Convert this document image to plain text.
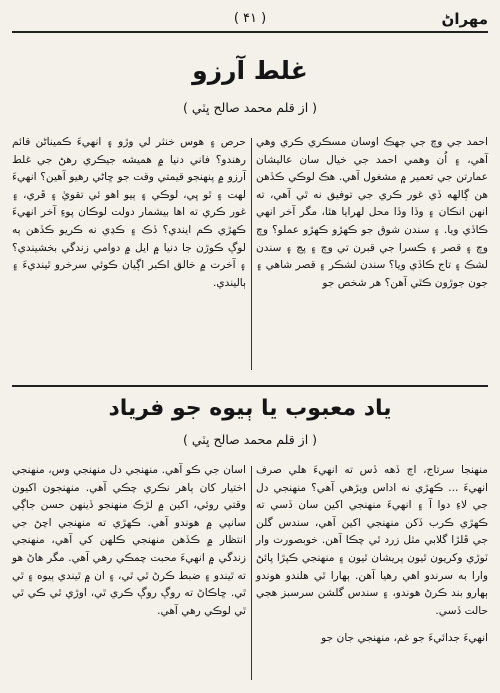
مهراڻ
( ۴۱ )
غلط آرزو
( از قلم محمد صالح ڀٽي )

احمد جي وچ جي جهڪ اوسان مسڪري ڪري وهي آهي، ۽ اُن وهمي احمد جي خيال سان عاليشان عمارتن جي تعمير ۾ مشغول آهي. هڪ لوڪي ڪڏهن هن ڳالهه ڏي غور ڪري جي توفيق نه ٿي آهي، ته انهن انڪان ۽ وڏا وڏا محل لهرايا هئا، مگر آخر انهي ڪاڏي ويا. ۽ سندن شوق جو ڪهڙو ڪهڙو عملو؟ وچ وچ ۽ قصر ۽ ڪسرا جي قبرن تي وچ ۽ پڃ ۽ سندن لشڪ ۽ تاج ڪاڏي ويا؟ سندن لشڪر ۽ قصر شاهي ۽ جون جوڙون ڪٿي آهن؟ هر شخص جو

حرص ۽ هوس خنثر لي وڙو ۽ انهيءَ ڪميناڻن قائم رهندو؟ فاني دنيا ۾ هميشه جيڪري رهڻ جي غلط آرزو ۾ پنهنجو قيمتي وقت جو ڇاڻي رهيو آهين؟ انهيءَ لهت ۽ ٿو ڀي، لوڪي ۽ ٻيو اهو ئي تقويٰ ۽ ڦري، ۽ غور ڪري ته اها بيشمار دولت لوڪان پوءِ آخر انهيءَ ڪهڙي ڪم ايندي؟ ڏڪ ۽ ڪڍي نه ڪريو ڪڏهن ٻه لوڳ ڪوڙن جا دنيا ۾ ايل ۾ دوامي زندگي بخشيندي؟ ۽ آخرت ۾ خالق اڪبر اڳيان ڪوئي سرخرو ٿينديءَ ۽ ٻاليندي.

ياد معبوب يا ٻيوه جو فرياد
( از قلم محمد صالح ڀٽي )

منهنجا سرتاج، اڄ ڏهه ڏس ته انهيءَ هلي صرف انهيءَ ... ڪهڙي نه اداس ويڙهي آهي؟ منهنجي دل جي لاءِ دوا آ ۽ انهيءَ منهنجي اکين سان ڏسي ته ڪهڙي ڪرب ڏکن منهنجي اکين آهي، سندس گلن جي ڦلڙا گلابي مثل زرد ٿي چڪا آهن. خوبصورت وار ٽوڙي وکريون ٿيون پريشان ٿيون ۽ منهنجي ڪپڙا پائڻ وارا به سرندو اهي رهيا آهن. ٻهارا ٿي هلندو هوندو ٻهارو بند ڪرڻ هوندو، ۽ سندس گلشن سرسبز هجي حالت ڏسي.

انهيءَ جدائيءَ جو غم، منهنجي جان جو

اسان جي ڪو آهي. منهنجي دل منهنجي وس، منهنجي اختيار کان ٻاهر نڪري چڪي آهي. منهنجون اکيون وقتي روئي، اکين ۾ لڙڪ منهنجو ڏينهن حسن جاڳي سانپي ۾ هوندو آهي. ڪهڙي ته منهنجي اچڻ جي انتظار ۾ ڪڏهن منهنجي ڪلهن کي آهي، منهنجي زندگي ۾ انهيءَ محبت چمڪي رهي آهي. مگر هاڻ هو ته ٿيندو ۽ ضبط ڪرڻ ٿي ٿي، ۽ ان ۾ ٿيندي ٻيوه ۽ ٿي ٿي. ڇاڪاڻ ته روڳ روڳ ڪري ٿي، اوڙي ٿي ڪي ٿي ٿي لوڪي رهي آهي.
